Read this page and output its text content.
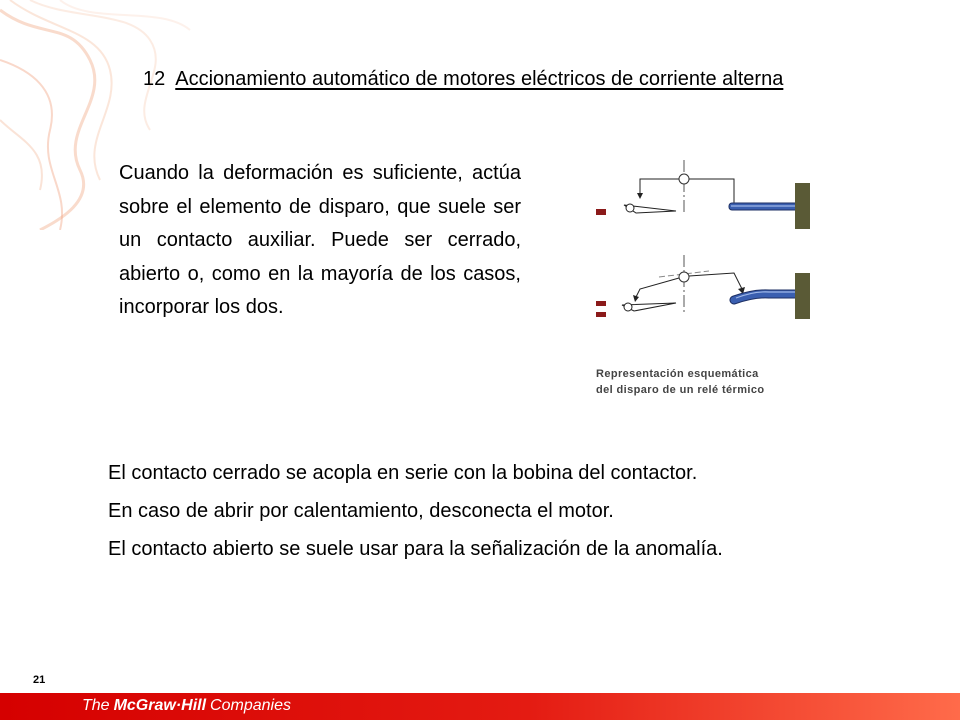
12 Accionamiento automático de motores eléctricos de corriente alterna
Cuando la deformación es suficiente, actúa sobre el elemento de disparo, que suele ser un contacto auxiliar. Puede ser cerrado, abierto o, como en la mayoría de los casos, incorporar los dos.
Representación esquemática
del disparo de un relé térmico
El contacto cerrado se acopla en serie con la bobina del contactor.
En caso de abrir por calentamiento, desconecta el motor.
El contacto abierto se suele usar para la señalización de la anomalía.
21
The McGraw·Hill Companies
